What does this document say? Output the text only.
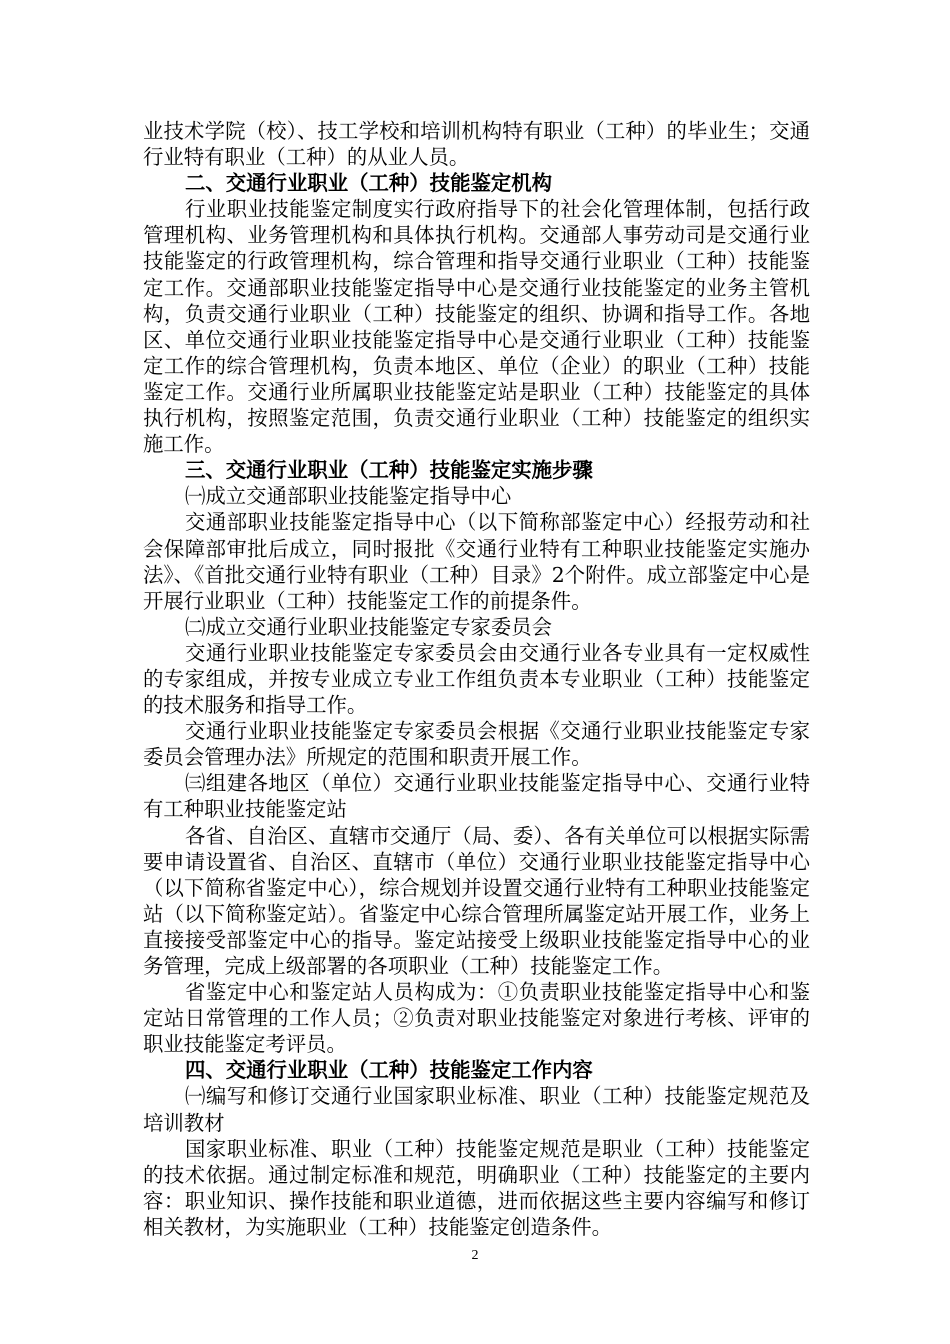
业技术学院（校）、技工学校和培训机构特有职业（工种）的毕业生；交通行业特有职业（工种）的从业人员。

二、交通行业职业（工种）技能鉴定机构

行业职业技能鉴定制度实行政府指导下的社会化管理体制，包括行政管理机构、业务管理机构和具体执行机构。交通部人事劳动司是交通行业技能鉴定的行政管理机构，综合管理和指导交通行业职业（工种）技能鉴定工作。交通部职业技能鉴定指导中心是交通行业技能鉴定的业务主管机构，负责交通行业职业（工种）技能鉴定的组织、协调和指导工作。各地区、单位交通行业职业技能鉴定指导中心是交通行业职业（工种）技能鉴定工作的综合管理机构，负责本地区、单位（企业）的职业（工种）技能鉴定工作。交通行业所属职业技能鉴定站是职业（工种）技能鉴定的具体执行机构，按照鉴定范围，负责交通行业职业（工种）技能鉴定的组织实施工作。

三、交通行业职业（工种）技能鉴定实施步骤

㈠成立交通部职业技能鉴定指导中心

交通部职业技能鉴定指导中心（以下简称部鉴定中心）经报劳动和社会保障部审批后成立，同时报批《交通行业特有工种职业技能鉴定实施办法》、《首批交通行业特有职业（工种）目录》2个附件。成立部鉴定中心是开展行业职业（工种）技能鉴定工作的前提条件。

㈡成立交通行业职业技能鉴定专家委员会

交通行业职业技能鉴定专家委员会由交通行业各专业具有一定权威性的专家组成，并按专业成立专业工作组负责本专业职业（工种）技能鉴定的技术服务和指导工作。

交通行业职业技能鉴定专家委员会根据《交通行业职业技能鉴定专家委员会管理办法》所规定的范围和职责开展工作。

㈢组建各地区（单位）交通行业职业技能鉴定指导中心、交通行业特有工种职业技能鉴定站

各省、自治区、直辖市交通厅（局、委）、各有关单位可以根据实际需要申请设置省、自治区、直辖市（单位）交通行业职业技能鉴定指导中心（以下简称省鉴定中心），综合规划并设置交通行业特有工种职业技能鉴定站（以下简称鉴定站）。省鉴定中心综合管理所属鉴定站开展工作，业务上直接接受部鉴定中心的指导。鉴定站接受上级职业技能鉴定指导中心的业务管理，完成上级部署的各项职业（工种）技能鉴定工作。

省鉴定中心和鉴定站人员构成为：①负责职业技能鉴定指导中心和鉴定站日常管理的工作人员；②负责对职业技能鉴定对象进行考核、评审的职业技能鉴定考评员。

四、交通行业职业（工种）技能鉴定工作内容

㈠编写和修订交通行业国家职业标准、职业（工种）技能鉴定规范及培训教材

国家职业标准、职业（工种）技能鉴定规范是职业（工种）技能鉴定的技术依据。通过制定标准和规范，明确职业（工种）技能鉴定的主要内容：职业知识、操作技能和职业道德，进而依据这些主要内容编写和修订相关教材，为实施职业（工种）技能鉴定创造条件。

2
